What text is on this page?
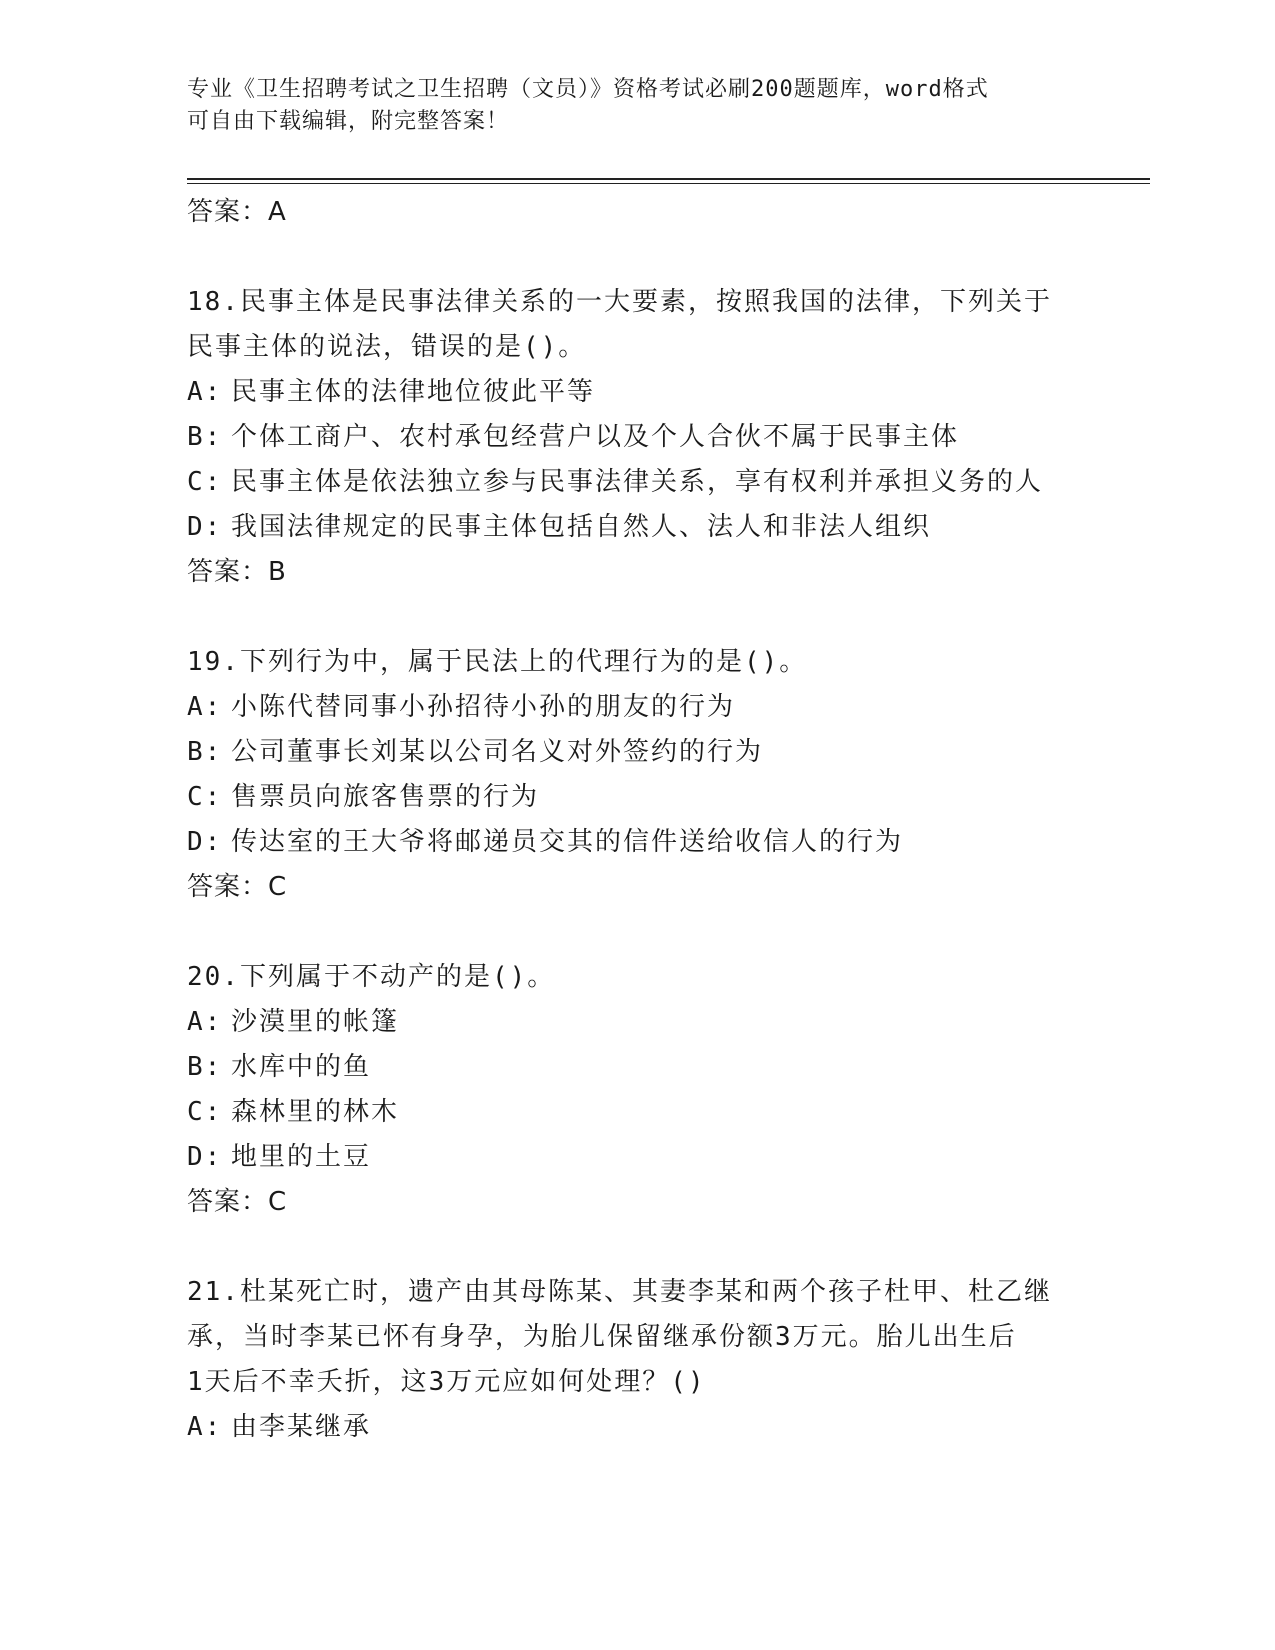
专业《卫生招聘考试之卫生招聘（文员）》资格考试必刷200题题库，word格式
可自由下载编辑，附完整答案！

答案：A

18.民事主体是民事法律关系的一大要素，按照我国的法律，下列关于

民事主体的说法，错误的是()。

A: 民事主体的法律地位彼此平等

B: 个体工商户、农村承包经营户以及个人合伙不属于民事主体

C: 民事主体是依法独立参与民事法律关系，享有权利并承担义务的人

D: 我国法律规定的民事主体包括自然人、法人和非法人组织

答案：B

19.下列行为中，属于民法上的代理行为的是()。

A: 小陈代替同事小孙招待小孙的朋友的行为

B: 公司董事长刘某以公司名义对外签约的行为

C: 售票员向旅客售票的行为

D: 传达室的王大爷将邮递员交其的信件送给收信人的行为

答案：C

20.下列属于不动产的是()。

A: 沙漠里的帐篷

B: 水库中的鱼

C: 森林里的林木

D: 地里的土豆

答案：C

21.杜某死亡时，遗产由其母陈某、其妻李某和两个孩子杜甲、杜乙继

承，当时李某已怀有身孕，为胎儿保留继承份额3万元。胎儿出生后

1天后不幸夭折，这3万元应如何处理？()

A: 由李某继承
